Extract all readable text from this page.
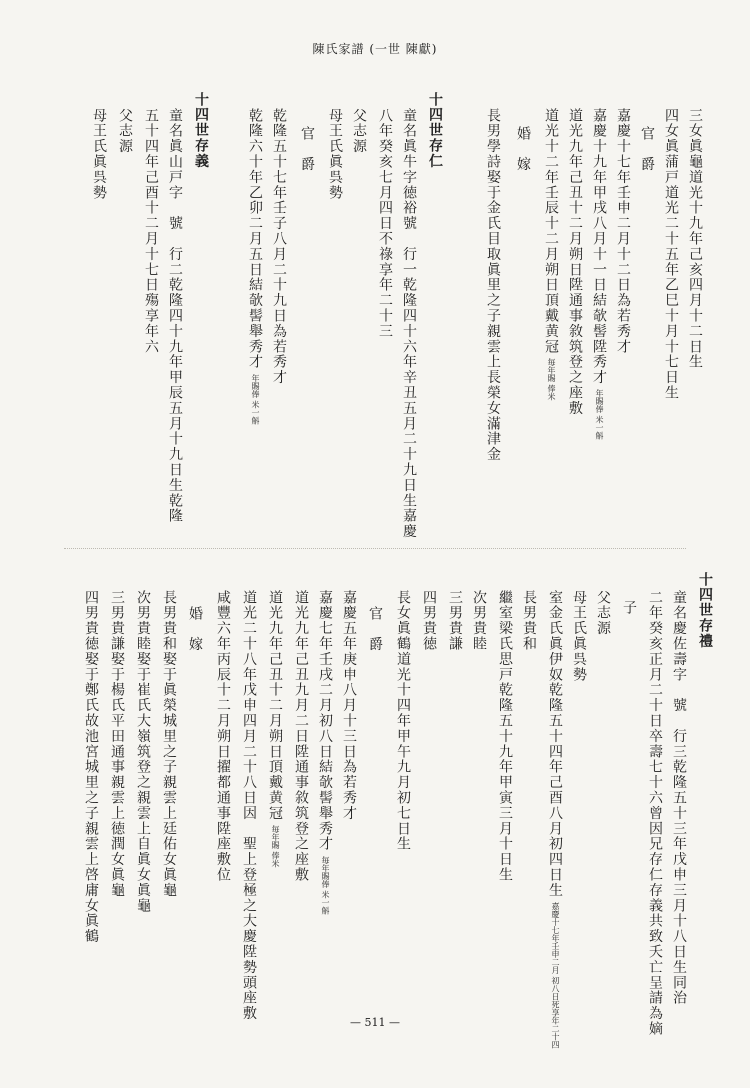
陳氏家譜 (一世 陳獻)
— 511 —
三女眞龜道光十九年己亥四月十二日生
四女眞蒲戸道光二十五年乙巳十月十七日生
官　爵
嘉慶十七年壬申二月十二日為若秀才
嘉慶十九年甲戌八月十一日結欹髻陞秀才年賜俸 米一斛
道光九年己丑十二月朔日陞通事敘筑登之座敷
道光十二年壬辰十二月朔日頂戴黄冠毎年賜 俸米
婚　嫁
長男學詩娶于金氏目取眞里之子親雲上長榮女滿津金
十四世存仁
童名眞牛字徳裕號　行一乾隆四十六年辛丑五月二十九日生嘉慶
八年癸亥七月四日不祿享年二十三
父志源
母王氏眞呉勢
官　爵
乾隆五十七年壬子八月二十九日為若秀才
乾隆六十年乙卯二月五日結欹髻舉秀才年賜俸 米一斛
十四世存義
童名眞山戸字　號　行二乾隆四十九年甲辰五月十九日生乾隆
五十四年己酉十二月十七日殤享年六
父志源
母王氏眞呉勢
十四世存禮
童名慶佐壽字　號　行三乾隆五十三年戊申三月十八日生同治
二年癸亥正月二十日卒壽七十六曾因兄存仁存義共致夭亡呈請為嫡
子
父志源
母王氏眞呉勢
室金氏眞伊奴乾隆五十四年己酉八月初四日生嘉慶十七年壬申二月 初八日死享年二十四
長男貴和
繼室梁氏思戸乾隆五十九年甲寅三月十日生
次男貴睦
三男貴謙
四男貴徳
長女眞鶴道光十四年甲午九月初七日生
官　爵
嘉慶五年庚申八月十三日為若秀才
嘉慶七年壬戌二月初八日結欹髻舉秀才毎年賜俸 米一斛
道光九年己丑九月二日陞通事敘筑登之座敷
道光九年己丑十二月朔日頂戴黄冠毎年賜 俸米
道光二十八年戊申四月二十八日因　聖上登極之大慶陞勢頭座敷
咸豐六年丙辰十二月朔日擢都通事陞座敷位
婚　嫁
長男貴和娶于眞榮城里之子親雲上廷佑女眞龜
次男貴睦娶于崔氏大嶺筑登之親雲上自眞女眞龜
三男貴謙娶于楊氏平田通事親雲上徳潤女眞龜
四男貴徳娶于鄭氏故池宮城里之子親雲上啓庸女眞鶴
